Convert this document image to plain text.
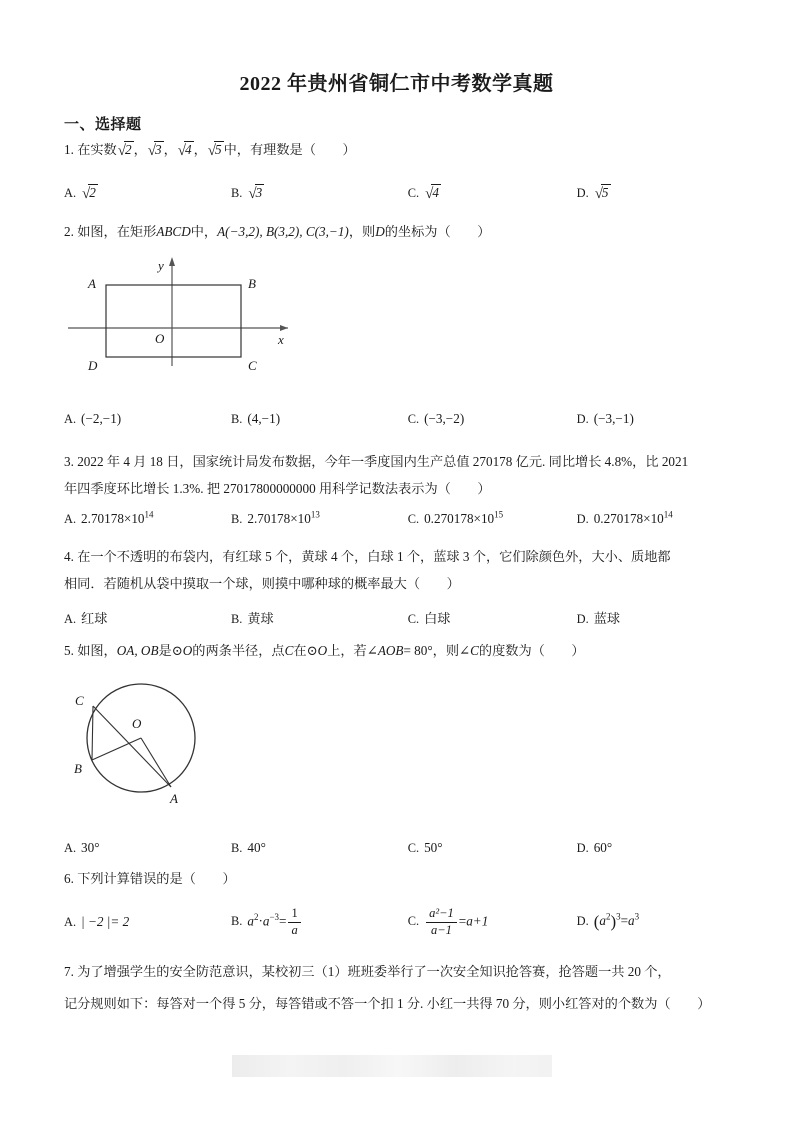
2022 年贵州省铜仁市中考数学真题
一、选择题
1. 在实数√2 ，√3 ，√4 ，√5 中，有理数是（ ）
A. √2	B. √3	C. √4	D. √5
2. 如图，在矩形ABCD中，A(−3,2), B(3,2), C(3,−1)，则D的坐标为（ ）
A	B
C
D
O	x
y
A. (−2,−1)	B. (4,−1)	C. (−3,−2)	D. (−3,−1)
3. 2022 年 4 月 18 日，国家统计局发布数据，今年一季度国内生产总值 270178 亿元. 同比增长 4.8%，比 2021
年四季度环比增长 1.3%. 把 27017800000000 用科学记数法表示为（ ）
A. $2.70178\times 10^{14}$	B. $2.70178\times 10^{13}$	C. $0.270178\times 10^{15}$	D. $0.270178\times 10^{14}$
4. 在一个不透明的布袋内，有红球 5 个，黄球 4 个，白球 1 个，蓝球 3 个，它们除颜色外，大小、质地都
相同．若随机从袋中摸取一个球，则摸中哪种球的概率最大（ ）
A. 红球	B. 黄球	C. 白球	D. 蓝球
5. 如图，OA, OB是⊙O的两条半径，点C在⊙O上，若∠AOB= 80°，则∠C的度数为（ ）
C
B
A
O
A. 30°	B. 40°	C. 50°	D. 60°
6. 下列计算错误的是（ ）
A. | −2 |= 2	B. $a^2\cdot a^{-3}= \frac{1}{a}$	C. $\frac{\text{a²−1}}{a-1} =a+1$	D. $(a^2)^3=a^3$
7. 为了增强学生的安全防范意识，某校初三（1）班班委举行了一次安全知识抢答赛，抢答题一共 20 个，
记分规则如下：每答对一个得 5 分，每答错或不答一个扣 1 分. 小红一共得 70 分，则小红答对的个数为（ ）
